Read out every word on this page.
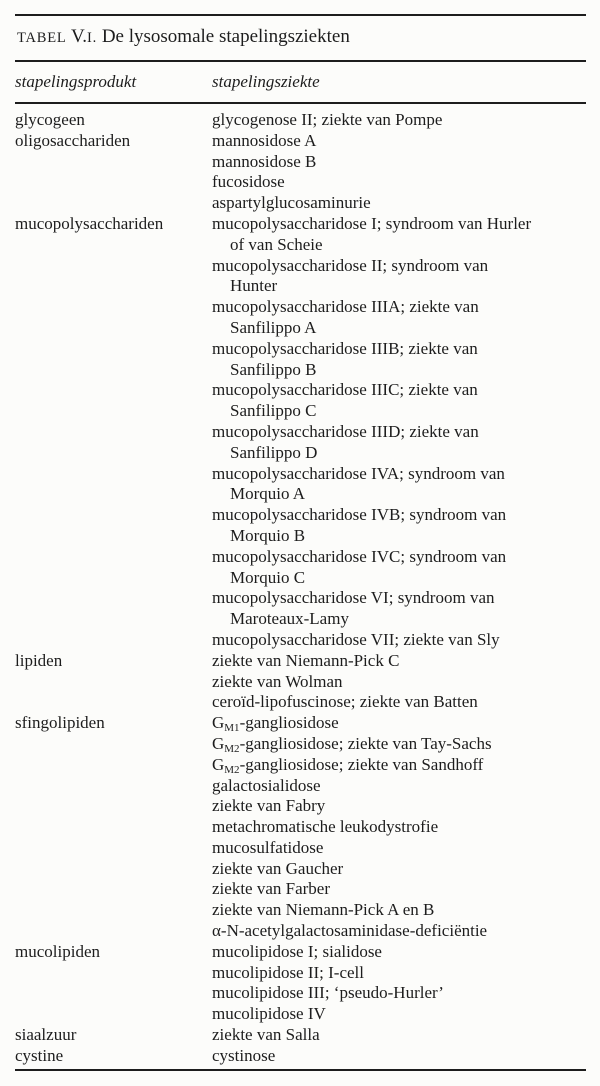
TABEL V.I. De lysosomale stapelingsziekten
stapelingsprodukt	stapelingsziekte
glycogeen	glycogenose II; ziekte van Pompe
oligosacchariden	mannosidose A
mannosidose B
fucosidose
aspartylglucosaminurie
mucopolysacchariden	mucopolysaccharidose I; syndroom van Hurler
of van Scheie
mucopolysaccharidose II; syndroom van
Hunter
mucopolysaccharidose IIIA; ziekte van
Sanfilippo A
mucopolysaccharidose IIIB; ziekte van
Sanfilippo B
mucopolysaccharidose IIIC; ziekte van
Sanfilippo C
mucopolysaccharidose IIID; ziekte van
Sanfilippo D
mucopolysaccharidose IVA; syndroom van
Morquio A
mucopolysaccharidose IVB; syndroom van
Morquio B
mucopolysaccharidose IVC; syndroom van
Morquio C
mucopolysaccharidose VI; syndroom van
Maroteaux-Lamy
mucopolysaccharidose VII; ziekte van Sly
lipiden	ziekte van Niemann-Pick C
ziekte van Wolman
ceroïd-lipofuscinose; ziekte van Batten
sfingolipiden	$G_{M1}$-gangliosidose
$G_{M2}$-gangliosidose; ziekte van Tay-Sachs
$G_{M2}$-gangliosidose; ziekte van Sandhoff
galactosialidose
ziekte van Fabry
metachromatische leukodystrofie
mucosulfatidose
ziekte van Gaucher
ziekte van Farber
ziekte van Niemann-Pick A en B
α-N-acetylgalactosaminidase-deficiëntie
mucolipiden	mucolipidose I; sialidose
mucolipidose II; I-cell
mucolipidose III; ‘pseudo-Hurler’
mucolipidose IV
siaalzuur	ziekte van Salla
cystine	cystinose
